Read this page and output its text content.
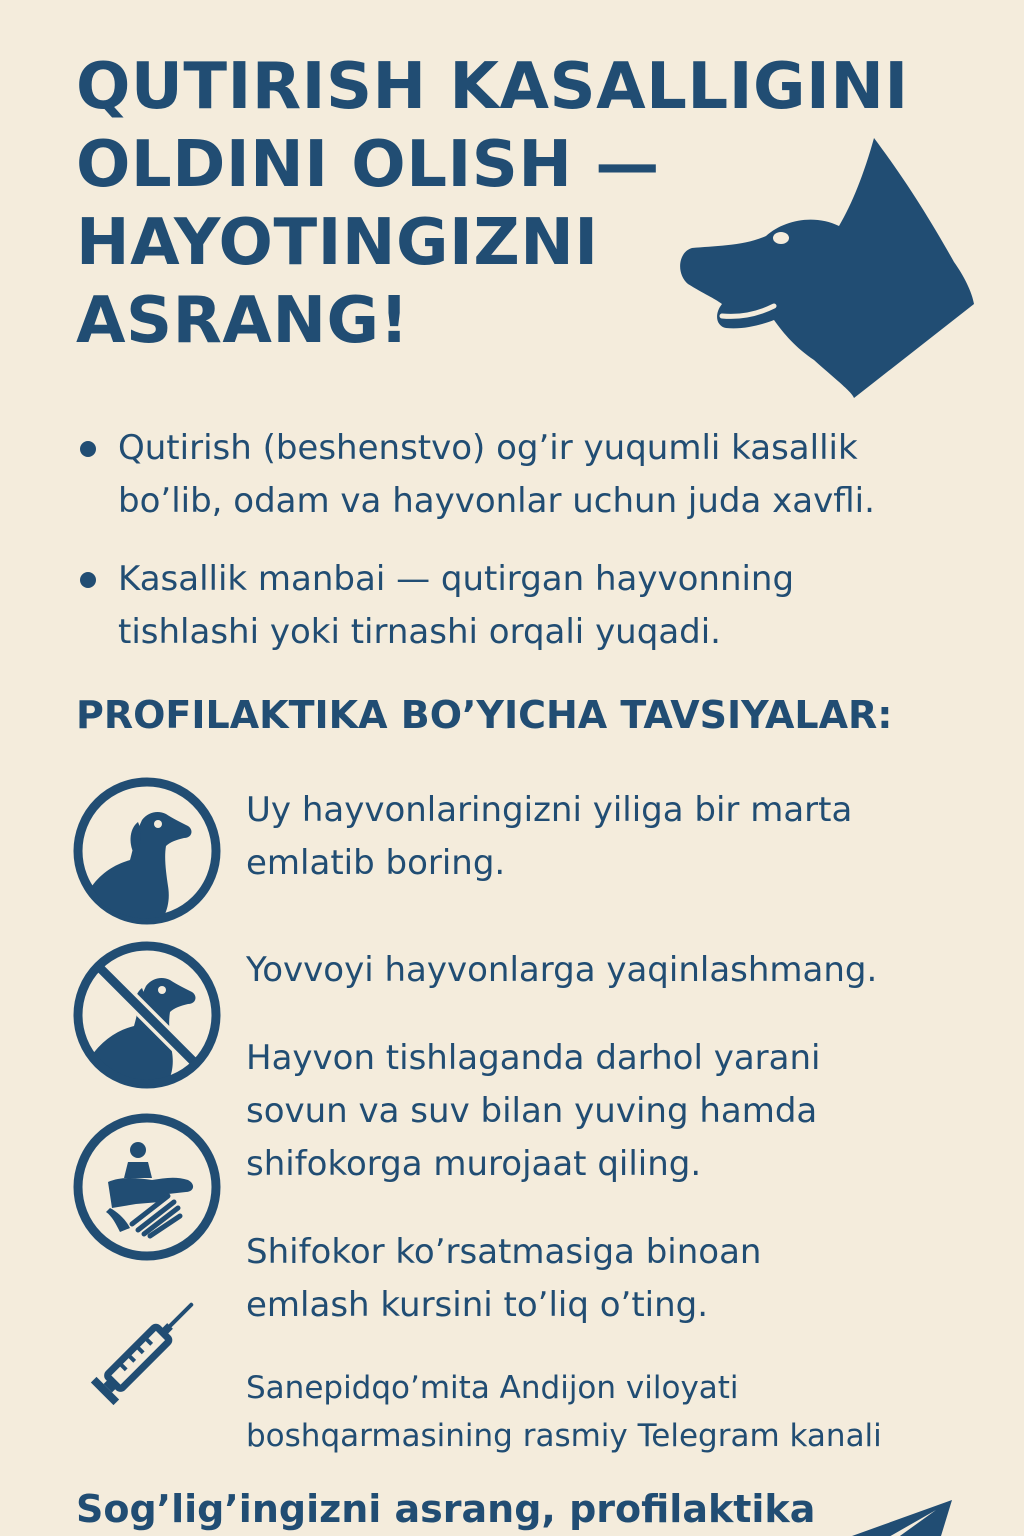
QUTIRISH KASALLIGINI
OLDINI OLISH —
HAYOTINGIZNI
ASRANG!
Qutirish (beshenstvo) og’ir yuqumli kasallik
bo’lib, odam va hayvonlar uchun juda xavfli.
Kasallik manbai — qutirgan hayvonning
tishlashi yoki tirnashi orqali yuqadi.
PROFILAKTIKA BO’YICHA TAVSIYALAR:

Uy hayvonlaringizni yiliga bir marta
emlatib boring.

Yovvoyi hayvonlarga yaqinlashmang.

Hayvon tishlaganda darhol yarani
sovun va suv bilan yuving hamda
shifokorga murojaat qiling.

Shifokor ko’rsatmasiga binoan
emlash kursini to’liq o’ting.

Sanepidqo’mita Andijon viloyati
boshqarmasining rasmiy Telegram kanali

Sog’lig’ingizni asrang, profilaktika
